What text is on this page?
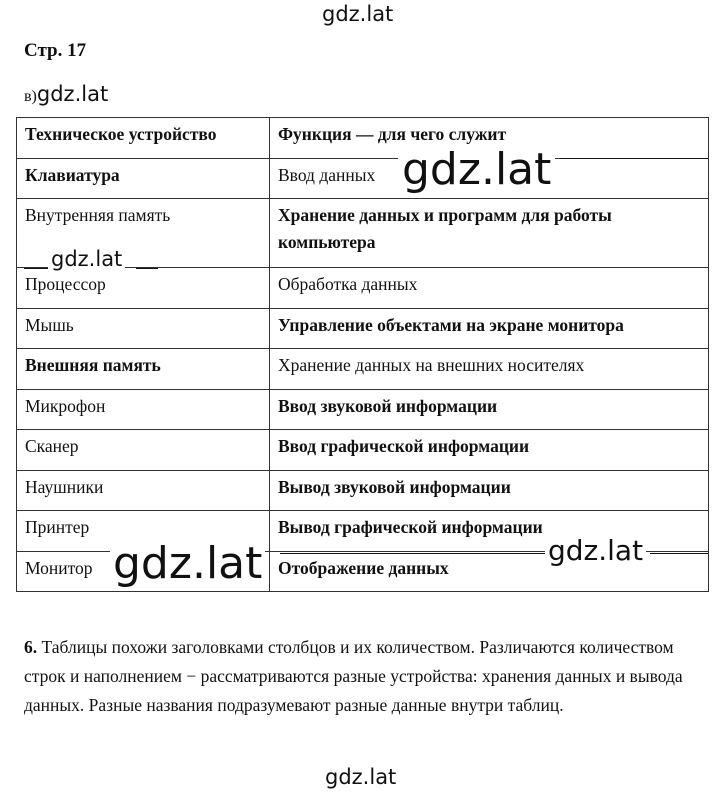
gdz.lat
Стр. 17
в)gdz.lat
Техническое устройство	Функция — для чего служит
Клавиатура	Ввод данных
Внутренняя память	Хранение данных и программ для работы компьютера
Процессор	Обработка данных
Мышь	Управление объектами на экране монитора
Внешняя память	Хранение данных на внешних носителях
Микрофон	Ввод звуковой информации
Сканер	Ввод графической информации
Наушники	Вывод звуковой информации
Принтер	Вывод графической информации
Монитор	Отображение данных
gdz.lat
gdz.lat
gdz.lat	gdz.lat
6. Таблицы похожи заголовками столбцов и их количеством. Различаются количеством строк и наполнением − рассматриваются разные устройства: хранения данных и вывода данных. Разные названия подразумевают разные данные внутри таблиц.
gdz.lat
